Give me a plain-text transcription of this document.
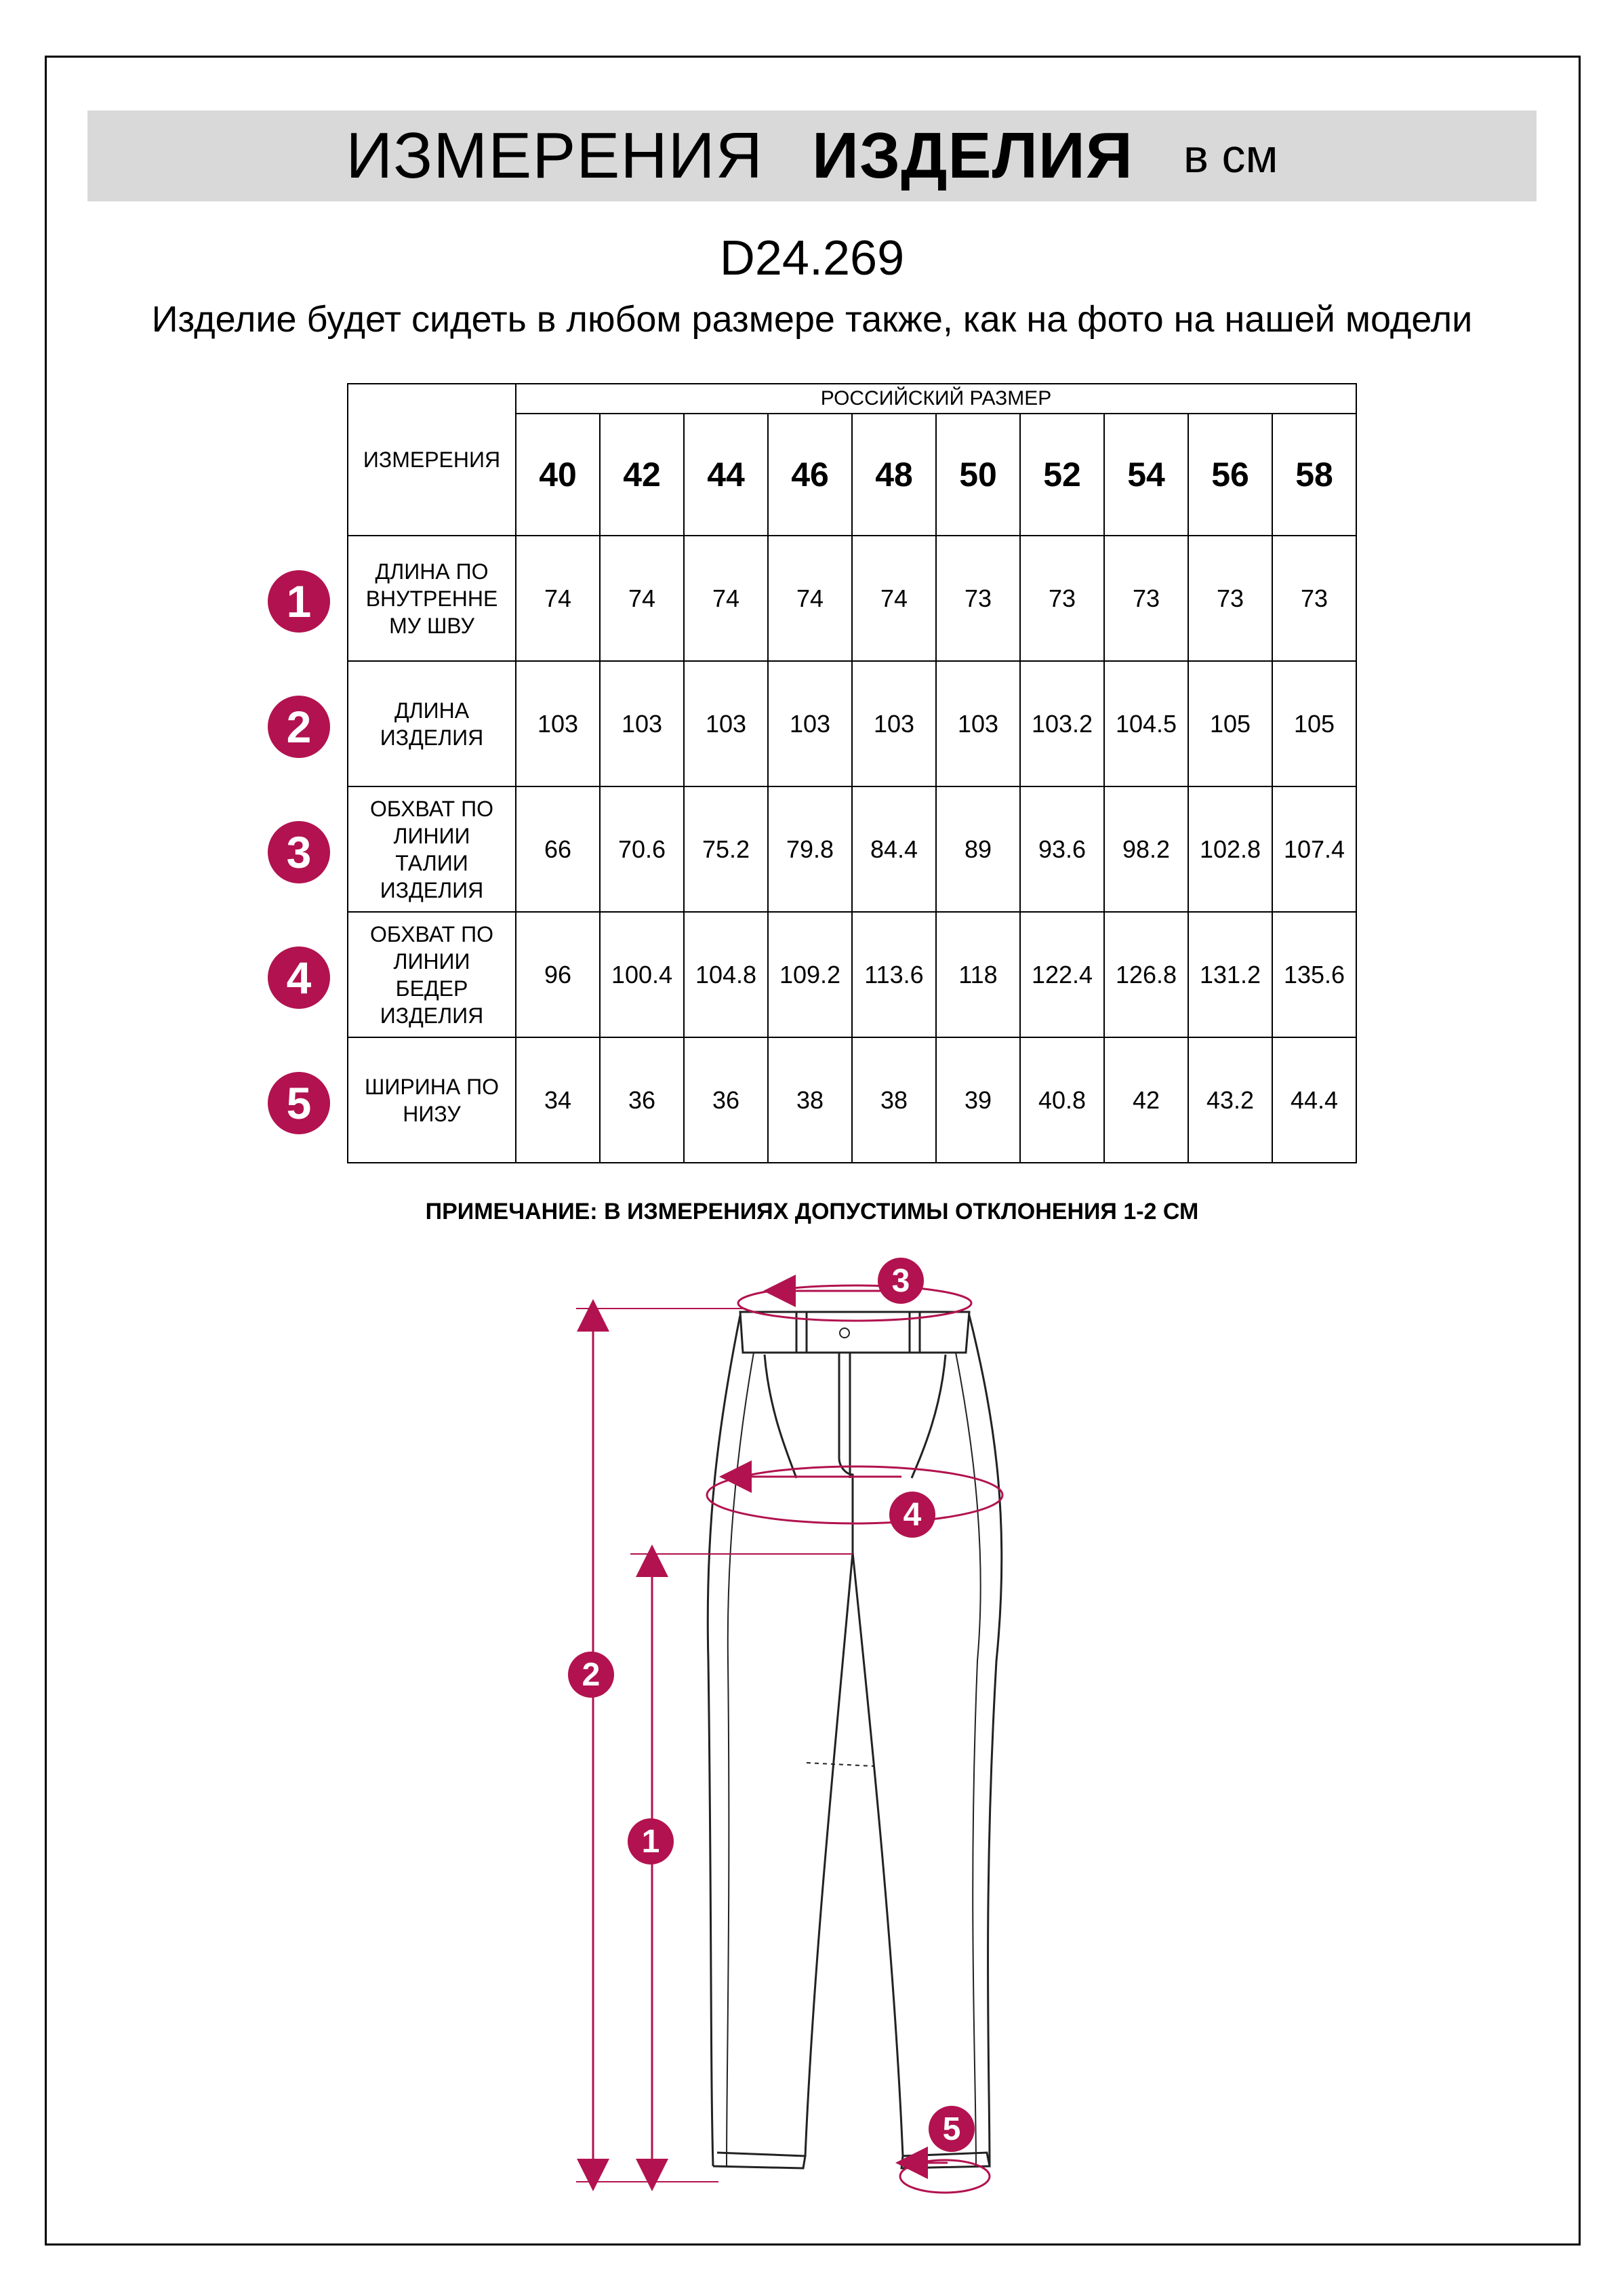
ИЗМЕРЕНИЯ ИЗДЕЛИЯ в см
D24.269
Изделие будет сидеть в любом размере также, как на фото на нашей модели
ИЗМЕРЕНИЯ	РОССИЙСКИЙ РАЗМЕР									
	40	42	44	46	48	50	52	54	56	58

ДЛИНА ПО
ВНУТРЕННЕ
МУ ШВУ	74	74	74	74	74	73	73	73	73	73

ДЛИНА
ИЗДЕЛИЯ	103	103	103	103	103	103	103.2	104.5	105	105

ОБХВАТ ПО
ЛИНИИ
ТАЛИИ
ИЗДЕЛИЯ	66	70.6	75.2	79.8	84.4	89	93.6	98.2	102.8	107.4

ОБХВАТ ПО
ЛИНИИ
БЕДЕР
ИЗДЕЛИЯ	96	100.4	104.8	109.2	113.6	118	122.4	126.8	131.2	135.6

ШИРИНА ПО
НИЗУ	34	36	36	38	38	39	40.8	42	43.2	44.4
1
2
3
4
5
ПРИМЕЧАНИЕ: В ИЗМЕРЕНИЯХ ДОПУСТИМЫ ОТКЛОНЕНИЯ 1-2 СМ
3
4
2
1
5
